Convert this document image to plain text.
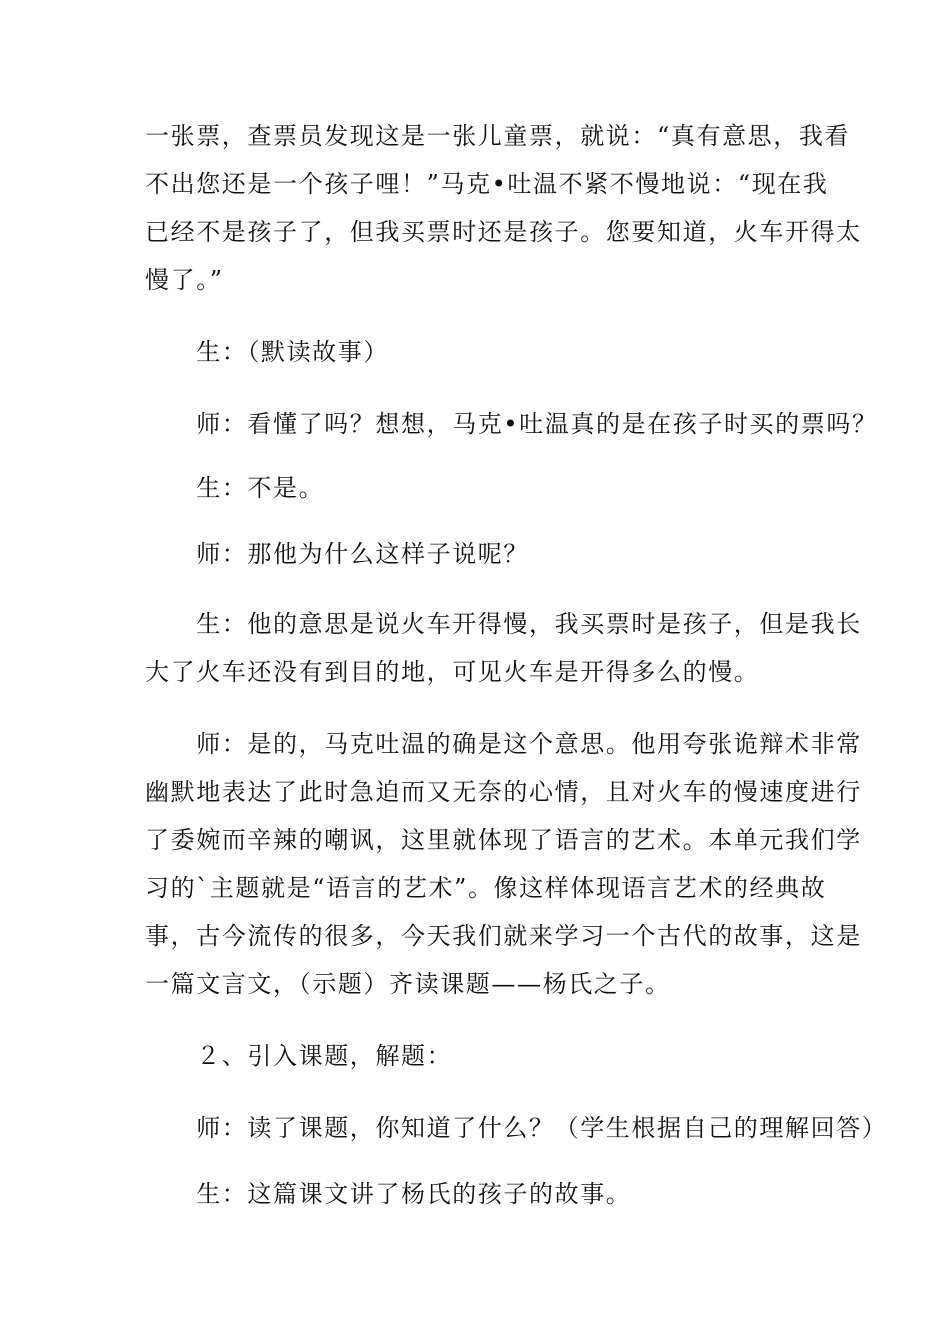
一张票，查票员发现这是一张儿童票，就说：“真有意思，我看
不出您还是一个孩子哩！”马克•吐温不紧不慢地说：“现在我
已经不是孩子了，但我买票时还是孩子。您要知道，火车开得太
慢了。”

　　生：（默读故事）

　　师：看懂了吗？想想，马克•吐温真的是在孩子时买的票吗？

　　生：不是。

　　师：那他为什么这样子说呢？

　　生：他的意思是说火车开得慢，我买票时是孩子，但是我长
大了火车还没有到目的地，可见火车是开得多么的慢。

　　师：是的，马克吐温的确是这个意思。他用夸张诡辩术非常
幽默地表达了此时急迫而又无奈的心情，且对火车的慢速度进行
了委婉而辛辣的嘲讽，这里就体现了语言的艺术。本单元我们学
习的`主题就是“语言的艺术”。像这样体现语言艺术的经典故
事，古今流传的很多，今天我们就来学习一个古代的故事，这是
一篇文言文，（示题）齐读课题——杨氏之子。

　　２、引入课题，解题：

　　师：读了课题，你知道了什么？（学生根据自己的理解回答）

　　生：这篇课文讲了杨氏的孩子的故事。
